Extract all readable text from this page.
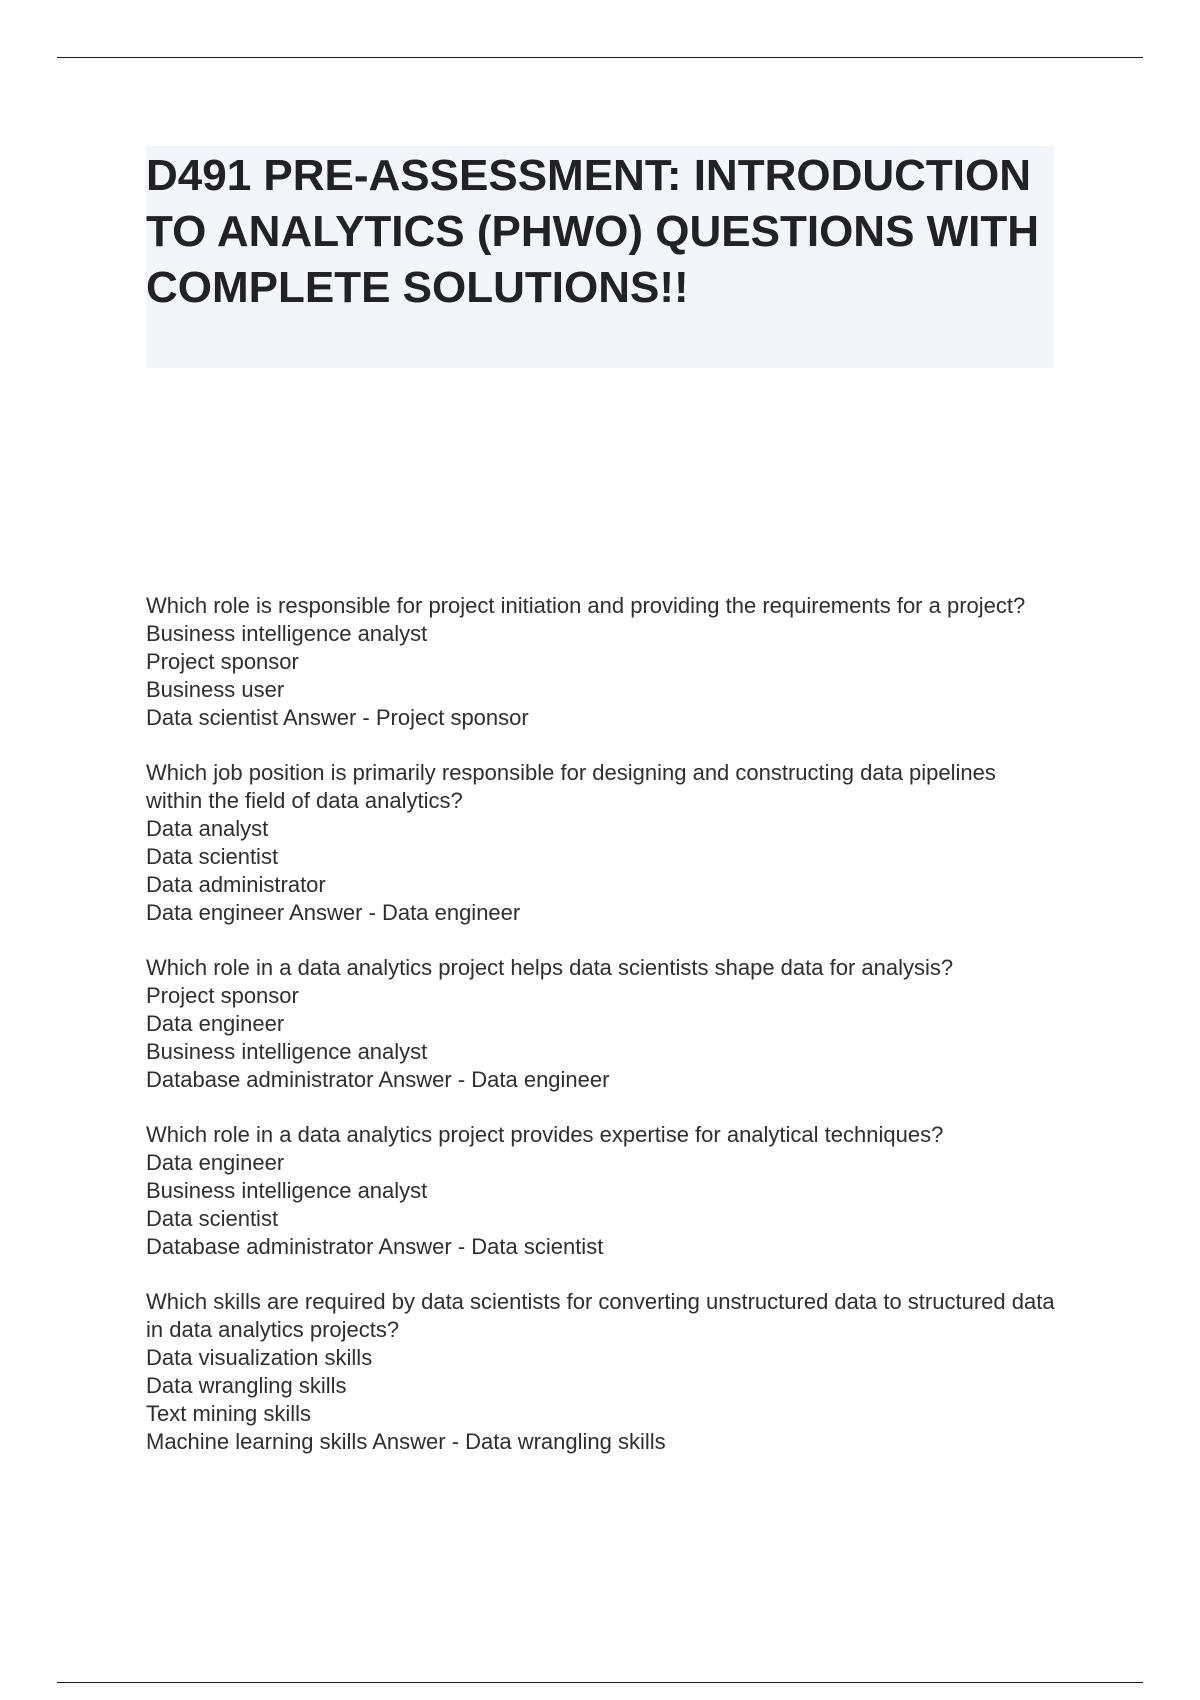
D491 PRE-ASSESSMENT: INTRODUCTION TO ANALYTICS (PHWO) QUESTIONS WITH COMPLETE SOLUTIONS!!
Which role is responsible for project initiation and providing the requirements for a project?
Business intelligence analyst
Project sponsor
Business user
Data scientist Answer - Project sponsor
Which job position is primarily responsible for designing and constructing data pipelines within the field of data analytics?
Data analyst
Data scientist
Data administrator
Data engineer Answer - Data engineer
Which role in a data analytics project helps data scientists shape data for analysis?
Project sponsor
Data engineer
Business intelligence analyst
Database administrator Answer - Data engineer
Which role in a data analytics project provides expertise for analytical techniques?
Data engineer
Business intelligence analyst
Data scientist
Database administrator Answer - Data scientist
Which skills are required by data scientists for converting unstructured data to structured data in data analytics projects?
Data visualization skills
Data wrangling skills
Text mining skills
Machine learning skills Answer - Data wrangling skills
